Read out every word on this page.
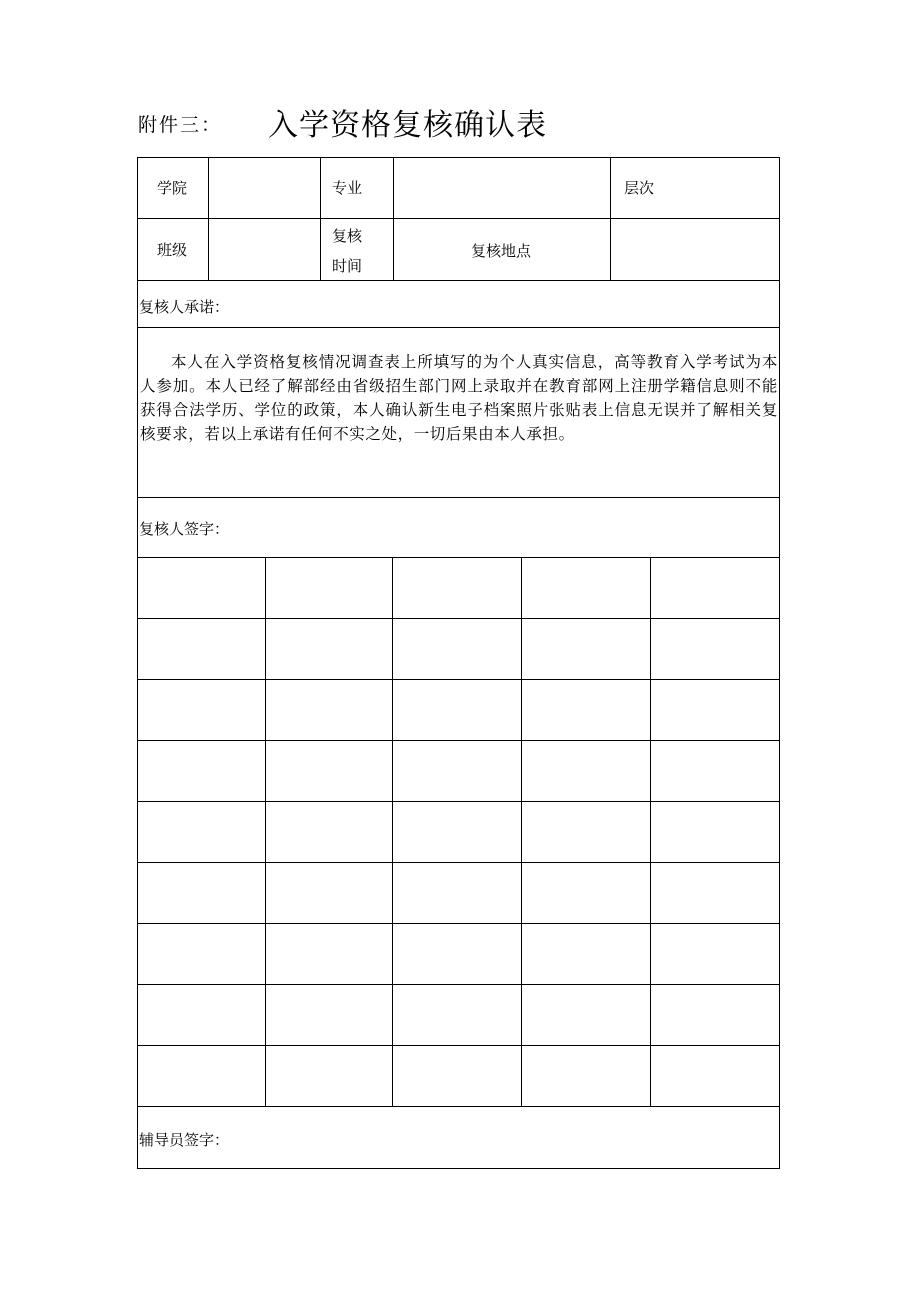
附件三： 入学资格复核确认表
学院	专业	层次
班级
复核
时间
复核地点
复核人承诺：
本人在入学资格复核情况调查表上所填写的为个人真实信息，高等教育入学考试为本人参加。本人已经了解部经由省级招生部门网上录取并在教育部网上注册学籍信息则不能获得合法学历、学位的政策，本人确认新生电子档案照片张贴表上信息无误并了解相关复核要求，若以上承诺有任何不实之处，一切后果由本人承担。
复核人签字：
辅导员签字：
